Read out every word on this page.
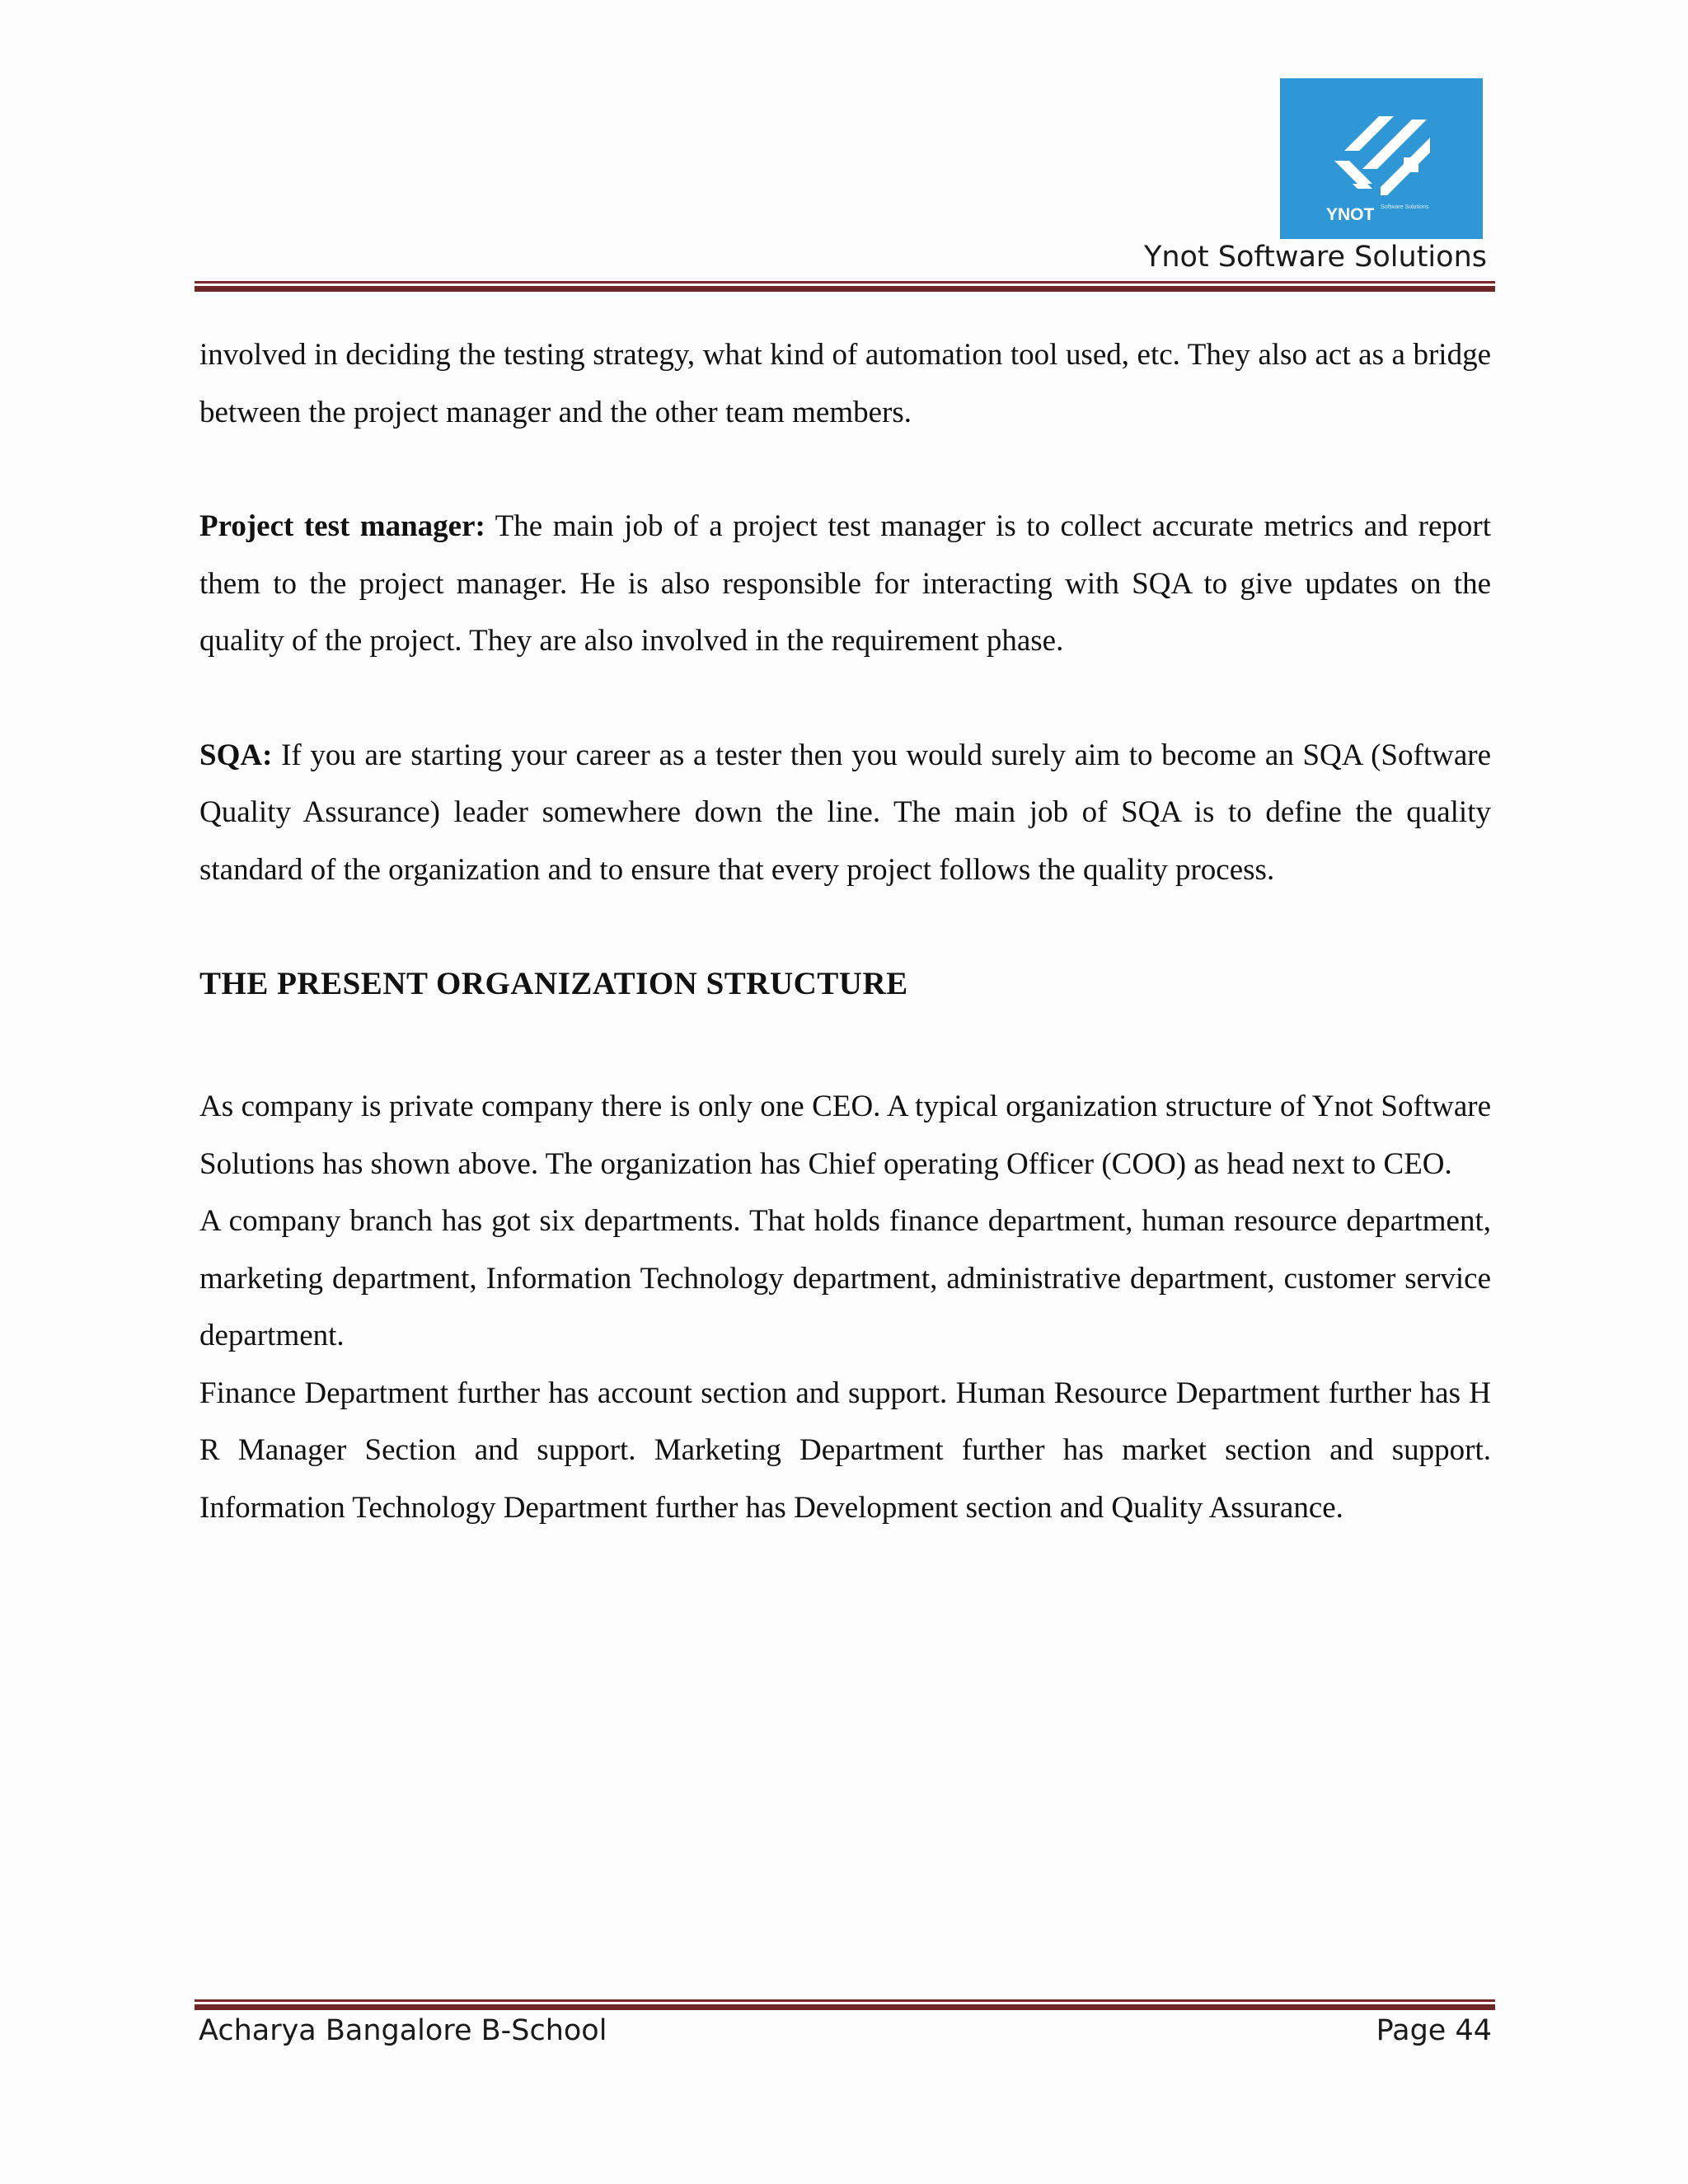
YNOT Software Solutions
Ynot Software Solutions

involved in deciding the testing strategy, what kind of automation tool used, etc. They also act as a bridge between the project manager and the other team members.

Project test manager: The main job of a project test manager is to collect accurate metrics and report them to the project manager. He is also responsible for interacting with SQA to give updates on the quality of the project. They are also involved in the requirement phase.

SQA: If you are starting your career as a tester then you would surely aim to become an SQA (Software Quality Assurance) leader somewhere down the line. The main job of SQA is to define the quality standard of the organization and to ensure that every project follows the quality process.

THE PRESENT ORGANIZATION STRUCTURE

As company is private company there is only one CEO. A typical organization structure of Ynot Software Solutions has shown above. The organization has Chief operating Officer (COO) as head next to CEO.

A company branch has got six departments. That holds finance department, human resource department, marketing department, Information Technology department, administrative department, customer service department.

Finance Department further has account section and support. Human Resource Department further has H R Manager Section and support. Marketing Department further has market section and support. Information Technology Department further has Development section and Quality Assurance.

Acharya Bangalore B-School	Page 44
